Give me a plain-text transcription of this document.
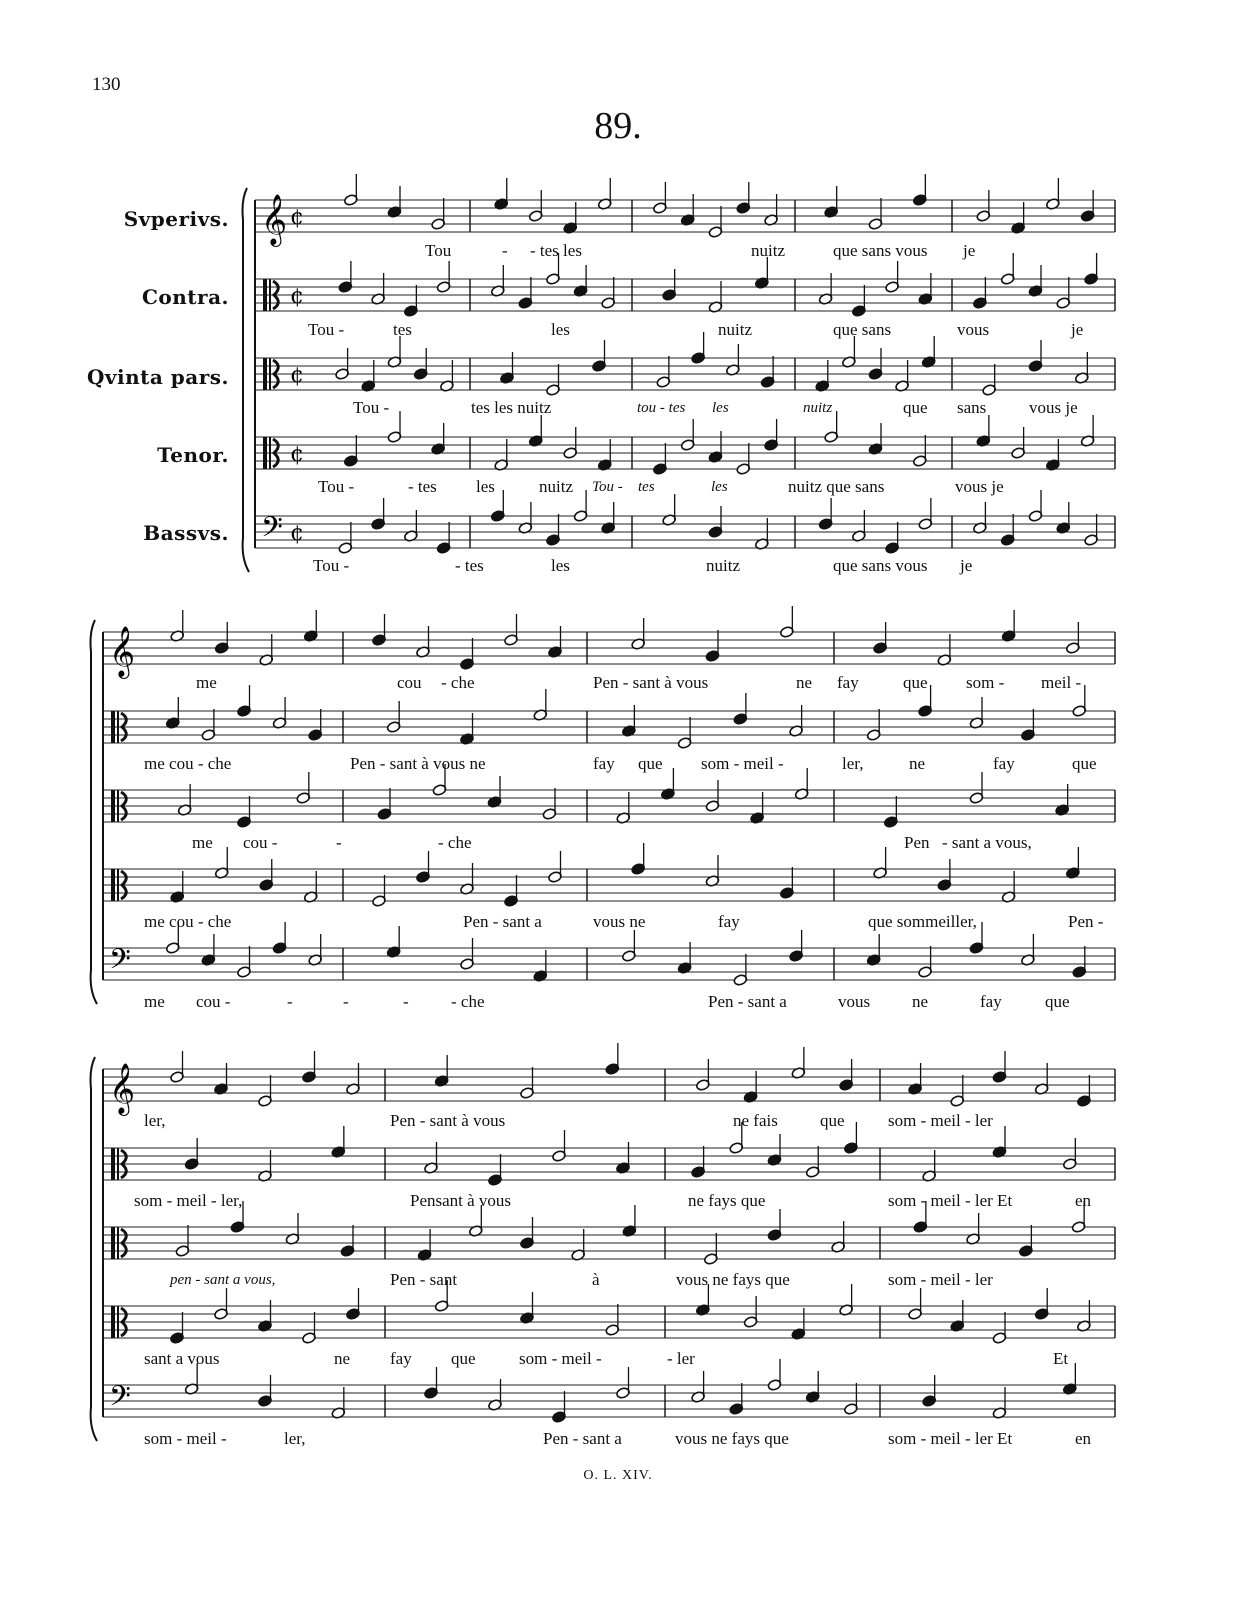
130
89.
Svperivs.
Contra.
Qvinta pars.
Tenor.
Bassvs.
𝄞 ¢
¢
¢
¢
𝄢 ¢
𝄞
𝄢
𝄞
𝄢
Tou	- - tes les	nuitz	que sans vous je
Tou -	tes	les	nuitz	que sans	vous	je
Tou -	tes les nuitz	tou - tes les	nuitz	que sans	vous je
Tou -	- tes les	nuitz Tou - tes	les	nuitz que sans	vous je
Tou -	- tes	les	nuitz	que sans vous je
me	cou - che	Pen - sant à vous	ne fay	que som - meil -
me cou - che	Pen - sant à vous ne	fay que som - meil -	ler,	ne	fay	que
me cou -	-	- che	Pen - sant a vous,
me cou - che	Pen - sant a	vous ne	fay	que sommeiller,	Pen -
me cou -	-	-	- - che	Pen - sant a	vous ne	fay	que
ler,	Pen - sant à vous	ne fais que	som - meil - ler
som - meil - ler,	Pensant à vous	ne fays que	som - meil - ler Et	en
pen - sant a vous,	Pen - sant	à	vous ne fays que	som - meil - ler
sant a vous	ne fay que	som - meil -	- ler	Et
som - meil -	ler,	Pen - sant a	vous ne fays que	som - meil - ler Et	en
O. L. XIV.
